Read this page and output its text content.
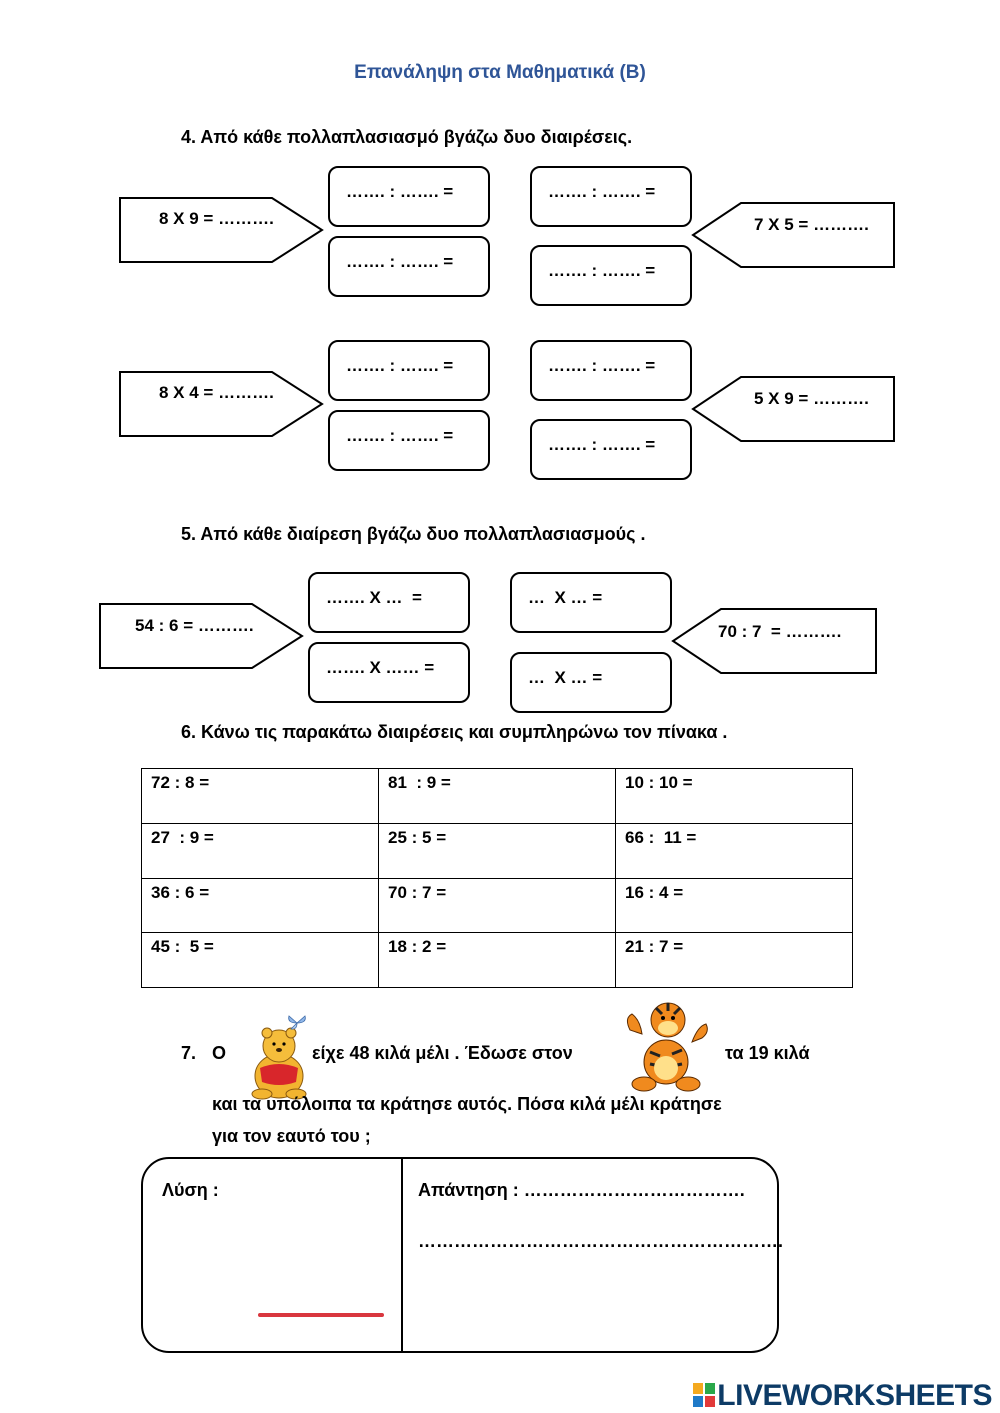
Επανάληψη στα Μαθηματικά (Β)
4. Από κάθε πολλαπλασιασμό βγάζω δυο διαιρέσεις.
8 Χ 9 = ……….	7 Χ 5 = ……….
8 Χ 4 = ……….	5 Χ 9 = ……….
……. : ……. =
……. : ……. =
……. : ……. =
……. : ……. =
……. : ……. =
……. : ……. =
……. : ……. =
……. : ……. =
5. Από κάθε διαίρεση βγάζω δυο πολλαπλασιασμούς .
54 : 6 = ……….	70 : 7  = ……….
……. Χ …  =
……. Χ …… =
…  Χ … =
…  Χ … =
6. Κάνω τις παρακάτω διαιρέσεις και συμπληρώνω τον πίνακα .
72 : 8 =	81  : 9 =	10 : 10 =
27  : 9 =	25 : 5 =	66 :  11 =
36 : 6 =	70 : 7 =	16 : 4 =
45 :  5 =	18 : 2 =	21 : 7 =
7. Ο	είχε 48 κιλά μέλι . Έδωσε στον	τα 19 κιλά
και τα υπόλοιπα τα κράτησε αυτός. Πόσα κιλά μέλι κράτησε
για τον εαυτό του ;
Λύση :	Απάντηση : ……………………………….
…………………………………………………….
LIVEWORKSHEETS
